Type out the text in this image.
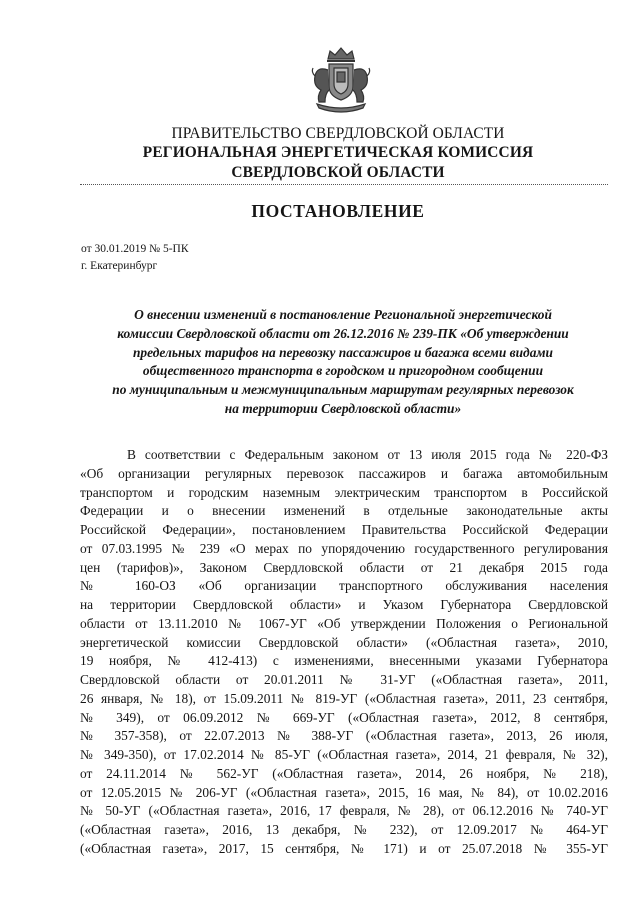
ПРАВИТЕЛЬСТВО СВЕРДЛОВСКОЙ ОБЛАСТИ
РЕГИОНАЛЬНАЯ ЭНЕРГЕТИЧЕСКАЯ КОМИССИЯ
СВЕРДЛОВСКОЙ ОБЛАСТИ
ПОСТАНОВЛЕНИЕ
от 30.01.2019 № 5-ПК
г. Екатеринбург
О внесении изменений в постановление Региональной энергетической
комиссии Свердловской области от 26.12.2016 № 239-ПК «Об утверждении
предельных тарифов на перевозку пассажиров и багажа всеми видами
общественного транспорта в городском и пригородном сообщении
по муниципальным и межмуниципальным маршрутам регулярных перевозок
на территории Свердловской области»
В соответствии с Федеральным законом от 13 июля 2015 года № 220-ФЗ
«Об организации регулярных перевозок пассажиров и багажа автомобильным
транспортом и городским наземным электрическим транспортом в Российской
Федерации и о внесении изменений в отдельные законодательные акты
Российской Федерации», постановлением Правительства Российской Федерации
от 07.03.1995 № 239 «О мерах по упорядочению государственного регулирования
цен (тарифов)», Законом Свердловской области от 21 декабря 2015 года
№ 160-ОЗ «Об организации транспортного обслуживания населения
на территории Свердловской области» и Указом Губернатора Свердловской
области от 13.11.2010 № 1067-УГ «Об утверждении Положения о Региональной
энергетической комиссии Свердловской области» («Областная газета», 2010,
19 ноября, № 412-413) с изменениями, внесенными указами Губернатора
Свердловской области от 20.01.2011 № 31-УГ («Областная газета», 2011,
26 января, № 18), от 15.09.2011 № 819-УГ («Областная газета», 2011, 23 сентября,
№ 349), от 06.09.2012 № 669-УГ («Областная газета», 2012, 8 сентября,
№ 357-358), от 22.07.2013 № 388-УГ («Областная газета», 2013, 26 июля,
№ 349-350), от 17.02.2014 № 85-УГ («Областная газета», 2014, 21 февраля, № 32),
от 24.11.2014 № 562-УГ («Областная газета», 2014, 26 ноября, № 218),
от 12.05.2015 № 206-УГ («Областная газета», 2015, 16 мая, № 84), от 10.02.2016
№ 50-УГ («Областная газета», 2016, 17 февраля, № 28), от 06.12.2016 № 740-УГ
(«Областная газета», 2016, 13 декабря, № 232), от 12.09.2017 № 464-УГ
(«Областная газета», 2017, 15 сентября, № 171) и от 25.07.2018 № 355-УГ
